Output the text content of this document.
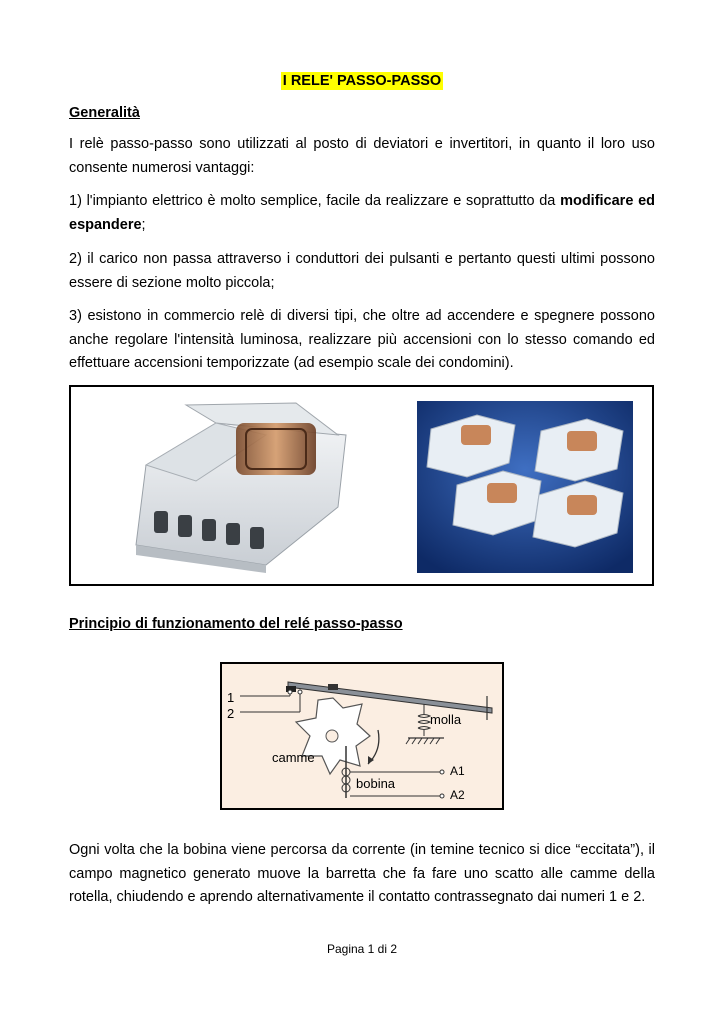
I RELE' PASSO-PASSO
Generalità
I relè passo-passo sono utilizzati al posto di deviatori e invertitori, in quanto il loro uso consente numerosi vantaggi:
1) l'impianto elettrico è molto semplice, facile da realizzare e soprattutto da modificare ed espandere;
2) il carico non passa attraverso i conduttori dei pulsanti e pertanto questi ultimi possono essere di sezione molto piccola;
3) esistono in commercio relè di diversi tipi, che oltre ad accendere e spegnere possono anche regolare l'intensità luminosa, realizzare più accensioni con lo stesso comando ed effettuare accensioni temporizzate (ad esempio scale dei condomini).
Principio di funzionamento del relé passo-passo
1
2	molla
camme
bobina
A1
A2
Ogni volta che la bobina viene percorsa da corrente (in temine tecnico si dice “eccitata”), il campo magnetico generato muove la barretta che fa fare uno scatto alle camme della rotella, chiudendo e aprendo alternativamente il contatto contrassegnato dai numeri 1 e 2.
Pagina 1 di 2
